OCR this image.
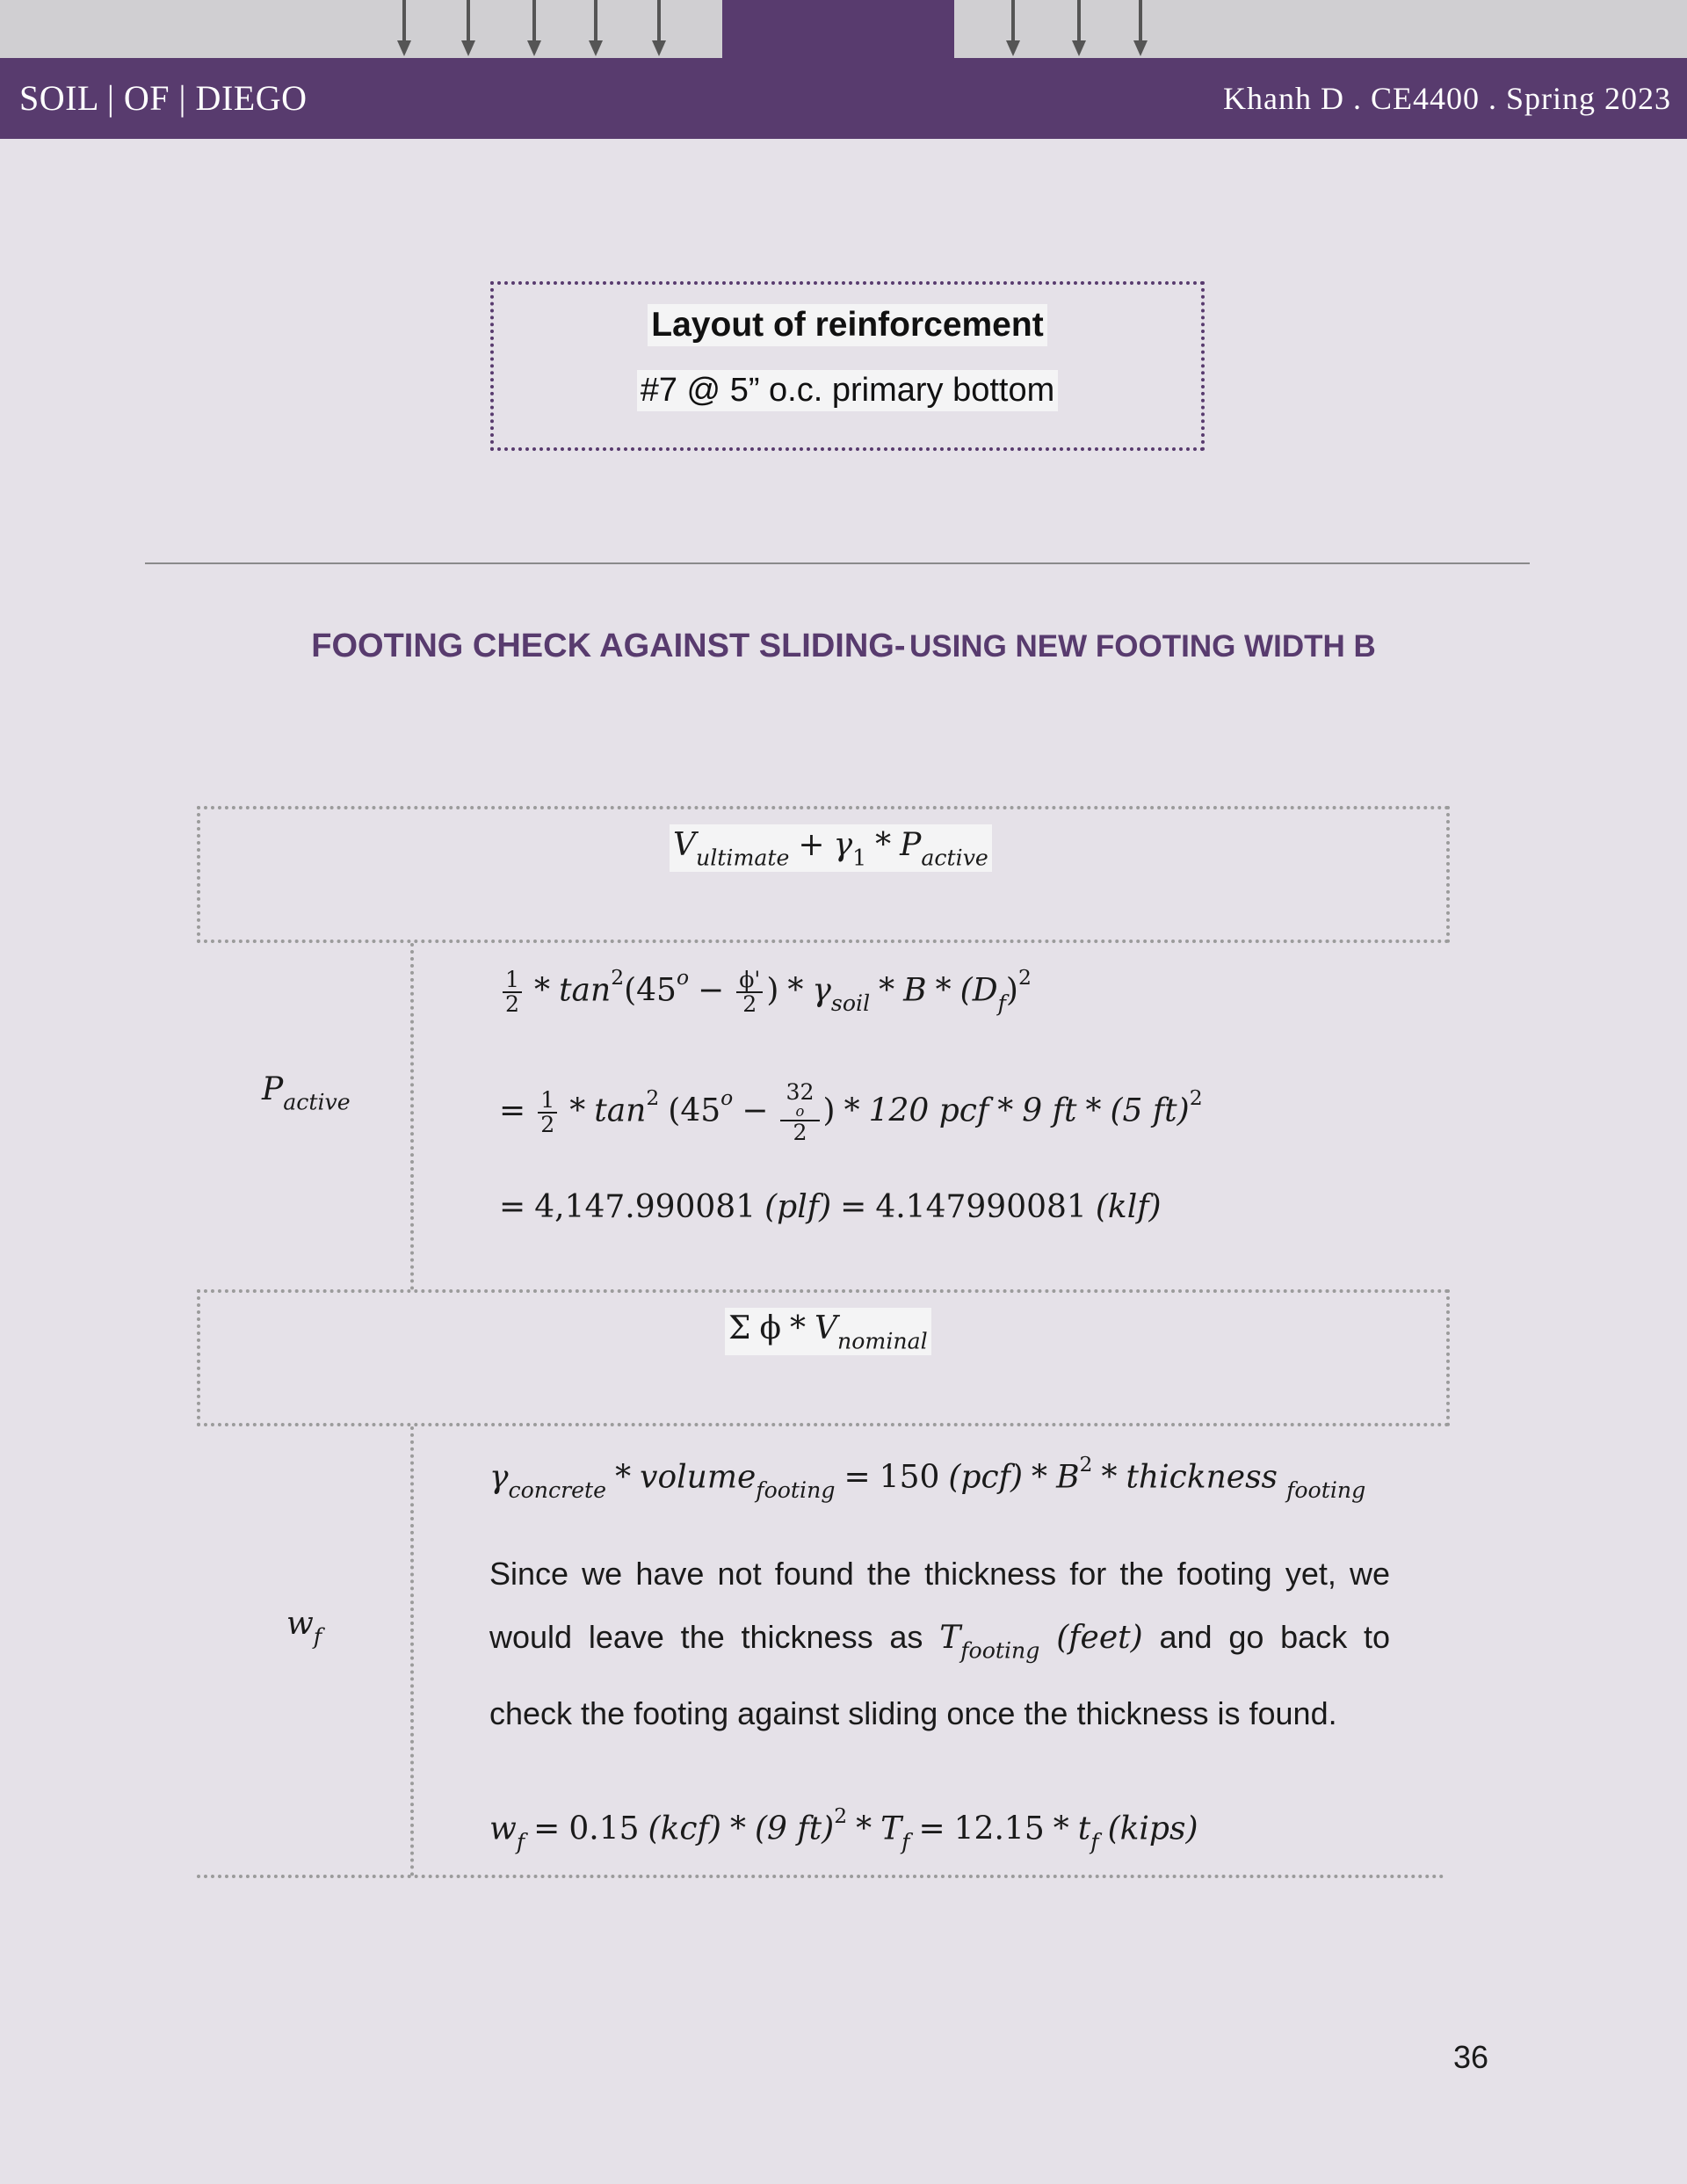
SOIL | OF | DIEGO	Khanh D . CE4400 . Spring 2023
Layout of reinforcement
#7 @ 5” o.c. primary bottom
FOOTING CHECK AGAINST SLIDING- USING NEW FOOTING WIDTH B
$V_{ultimate} + \gamma_1 * P_{active}$
$P_{active}$
$\frac{1}{2} * \tan^2(45^o - \frac{\phi'}{2}$ ) * $\gamma_{soil}$ * B * $(D_f)^2$
= $\frac{1}{2} * \tan^2 (45^o - 32$
o
2 ) * 120 pcf * 9 ft * (5 ft)$^2$
= 4,147.990081 (plf) = 4.147990081 (klf)
Σ ϕ * $V_{nominal}$
$w_f$
$\gamma_{concrete}$ * volume$_{footing}$ = 150 $(pcf) * B^2$ * thickness $_{footing}$
Since we have not found the thickness for the footing yet, we would leave the thickness as $T_{footing}$ (feet) and go back to check the footing against sliding once the thickness is found.
$w_f = 0.15$ (kcf) * (9 $ft)^2 * T_f = 12.15 * t_f$ (kips)
36
